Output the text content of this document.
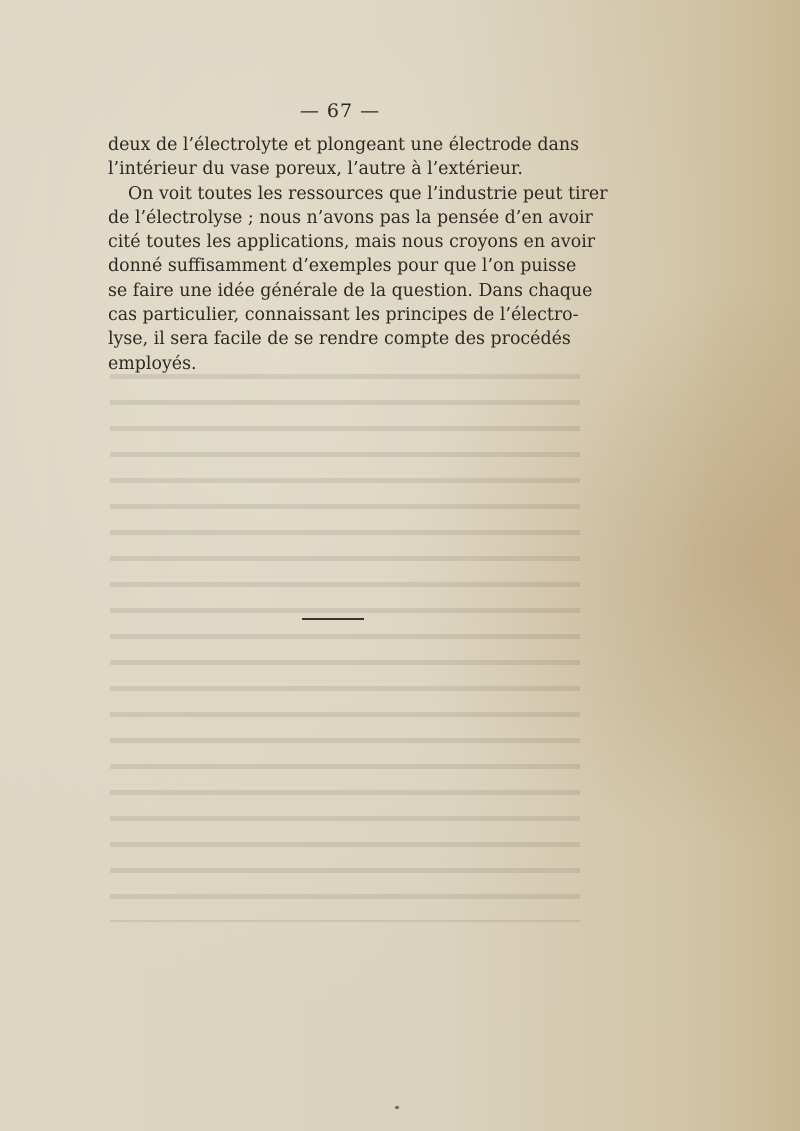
— 67 —
deux de l’électrolyte et plongeant une électrode dans
l’intérieur du vase poreux, l’autre à l’extérieur.
On voit toutes les ressources que l’industrie peut tirer
de l’électrolyse ; nous n’avons pas la pensée d’en avoir
cité toutes les applications, mais nous croyons en avoir
donné suffisamment d’exemples pour que l’on puisse
se faire une idée générale de la question. Dans chaque
cas particulier, connaissant les principes de l’électro-
lyse, il sera facile de se rendre compte des procédés
employés.
